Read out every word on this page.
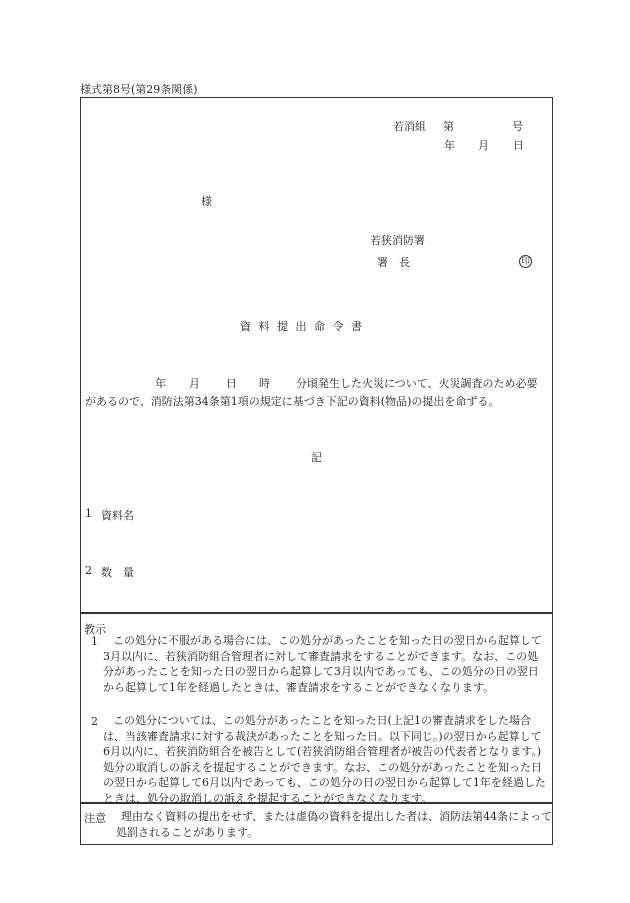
様式第8号(第29条関係)
若消組 第	号
年 月 日
様
若狭消防署
署　長	印
資 料 提 出 命 令 書
年 月 日 時 分頃発生した火災について、火災調査のため必要
があるので、消防法第34条第1項の規定に基づき下記の資料(物品)の提出を命ずる。
記
1 資料名
2 数　量
教示
1	この処分に不服がある場合には、この処分があったことを知った日の翌日から起算して3月以内に、若狭消防組合管理者に対して審査請求をすることができます。なお、この処分があったことを知った日の翌日から起算して3月以内であっても、この処分の日の翌日から起算して1年を経過したときは、審査請求をすることができなくなります。
2	この処分については、この処分があったことを知った日(上記1の審査請求をした場合は、当該審査請求に対する裁決があったことを知った日。以下同じ。)の翌日から起算して6月以内に、若狭消防組合を被告として(若狭消防組合管理者が被告の代表者となります。)処分の取消しの訴えを提起することができます。なお、この処分があったことを知った日の翌日から起算して6月以内であっても、この処分の日の翌日から起算して1年を経過したときは、処分の取消しの訴えを提起することができなくなります。
注意	理由なく資料の提出をせず、または虚偽の資料を提出した者は、消防法第44条によって処罰されることがあります。
